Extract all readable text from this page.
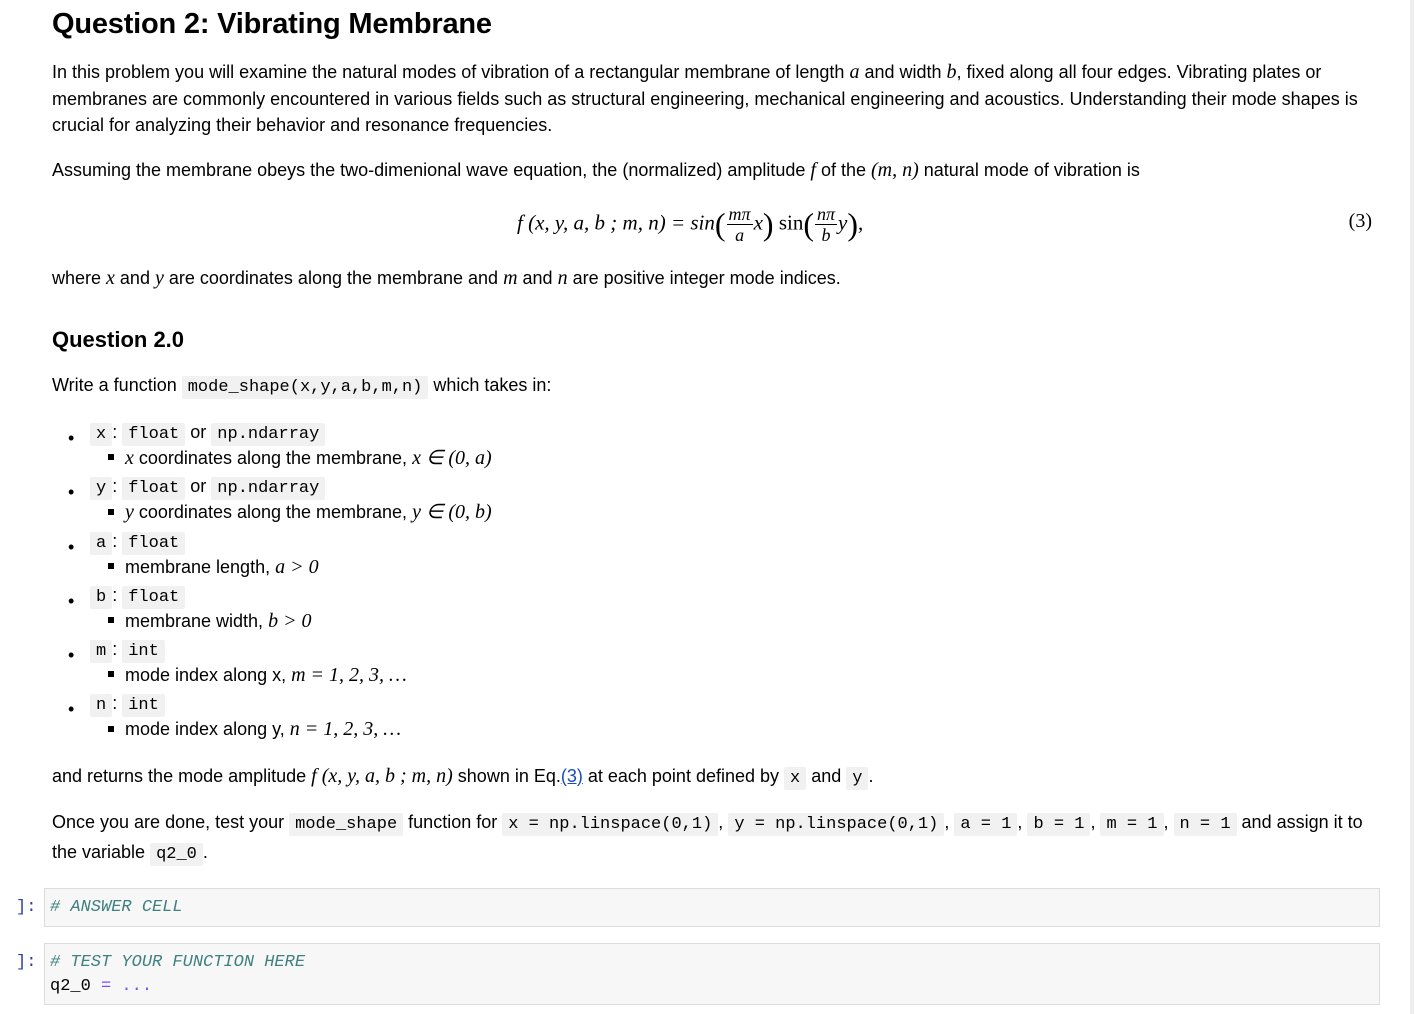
Question 2: Vibrating Membrane

In this problem you will examine the natural modes of vibration of a rectangular membrane of length a and width b, fixed along all four edges. Vibrating plates or membranes are commonly encountered in various fields such as structural engineering, mechanical engineering and acoustics. Understanding their mode shapes is crucial for analyzing their behavior and resonance frequencies.

Assuming the membrane obeys the two-dimenional wave equation, the (normalized) amplitude f of the (m, n) natural mode of vibration is

f (x, y, a, b ; m, $n) = \sin( \frac{m\pi}{a} x)$ $\sin( \frac{n\pi}{b} y)$,	(3)

where x and y are coordinates along the membrane and m and n are positive integer mode indices.

Question 2.0

Write a function mode_shape(x,y,a,b,m,n) which takes in:

•	x : float or np.ndarray
x coordinates along the membrane, x ∈ (0, a)
•	y : float or np.ndarray
y coordinates along the membrane, y ∈ (0, b)
•	a : float
membrane length, a > 0
•	b : float
membrane width, b > 0
•	m : int
mode index along x, m = 1, 2, 3, …
•	n : int
mode index along y, n = 1, 2, 3, …

and returns the mode amplitude f (x, y, a, b ; m, n) shown in Eq.(3) at each point defined by x and y .

Once you are done, test your mode_shape function for x = np.linspace(0,1) , y = np.linspace(0,1) , a = 1 , b = 1 , m = 1 , n = 1 and assign it to the variable q2_0 .

]: # ANSWER CELL
]: # TEST YOUR FUNCTION HERE
q2_0 = ...
